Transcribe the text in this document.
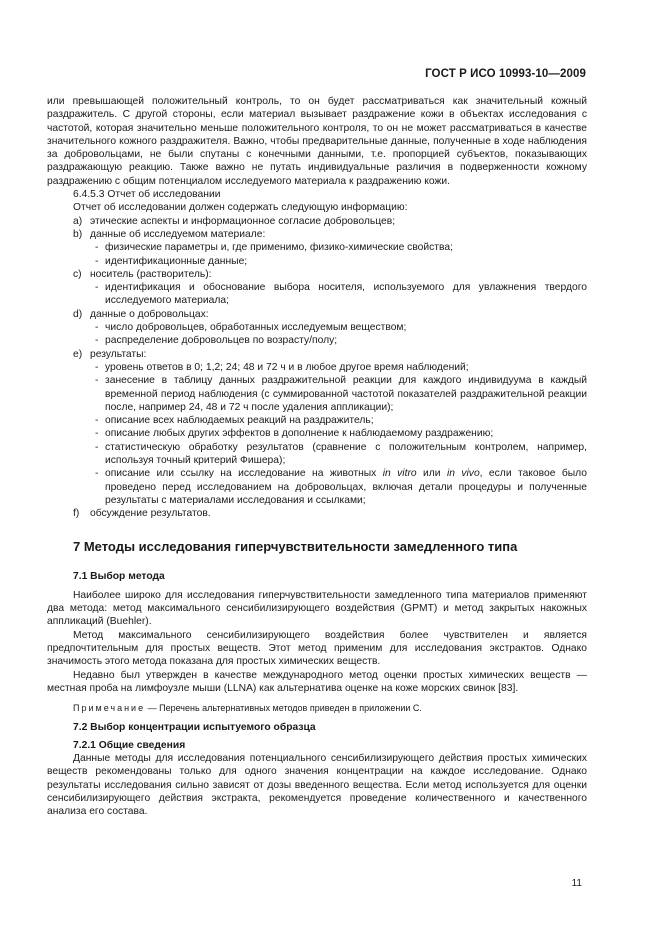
ГОСТ Р ИСО 10993-10—2009

или превышающей положительный контроль, то он будет рассматриваться как значительный кожный раздражитель. С другой стороны, если материал вызывает раздражение кожи в объектах исследования с частотой, которая значительно меньше положительного контроля, то он не может рассматриваться в качестве значительного кожного раздражителя. Важно, чтобы предварительные данные, полученные в ходе наблюдения за добровольцами, не были спутаны с конечными данными, т.е. пропорцией субъектов, показывающих раздражающую реакцию. Также важно не путать индивидуальные различия в подверженности кожному раздражению с общим потенциалом исследуемого материала к раздражению кожи.

6.4.5.3 Отчет об исследовании

Отчет об исследовании должен содержать следующую информацию:

a) этические аспекты и информационное согласие добровольцев;
b) данные об исследуемом материале:
- физические параметры и, где применимо, физико-химические свойства;
- идентификационные данные;
c) носитель (растворитель):
- идентификация и обоснование выбора носителя, используемого для увлажнения твердого исследуемого материала;
d) данные о добровольцах:
- число добровольцев, обработанных исследуемым веществом;
- распределение добровольцев по возрасту/полу;
e) результаты:
- уровень ответов в 0; 1,2; 24; 48 и 72 ч и в любое другое время наблюдений;
- занесение в таблицу данных раздражительной реакции для каждого индивидуума в каждый временной период наблюдения (с суммированной частотой показателей раздражительной реакции после, например 24, 48 и 72 ч после удаления аппликации);
- описание всех наблюдаемых реакций на раздражитель;
- описание любых других эффектов в дополнение к наблюдаемому раздражению;
- статистическую обработку результатов (сравнение с положительным контролем, например, используя точный критерий Фишера);
- описание или ссылку на исследование на животных in vitro или in vivo, если таковое было проведено перед исследованием на добровольцах, включая детали процедуры и полученные результаты с материалами исследования и ссылками;
f)	обсуждение результатов.
7 Методы исследования гиперчувствительности замедленного типа
7.1 Выбор метода

Наиболее широко для исследования гиперчувствительности замедленного типа материалов применяют два метода: метод максимального сенсибилизирующего воздействия (GPMT) и метод закрытых накожных аппликаций (Buehler).

Метод максимального сенсибилизирующего воздействия более чувствителен и является предпочтительным для простых веществ. Этот метод применим для исследования экстрактов. Однако значимость этого метода показана для простых химических веществ.

Недавно был утвержден в качестве международного метод оценки простых химических веществ — местная проба на лимфоузле мыши (LLNA) как альтернатива оценке на коже морских свинок [83].

Примечание — Перечень альтернативных методов приведен в приложении С.
7.2 Выбор концентрации испытуемого образца
7.2.1 Общие сведения

Данные методы для исследования потенциального сенсибилизирующего действия простых химических веществ рекомендованы только для одного значения концентрации на каждое исследование. Однако результаты исследования сильно зависят от дозы введенного вещества. Если метод используется для оценки сенсибилизирующего действия экстракта, рекомендуется проведение количественного и качественного анализа его состава.

11
